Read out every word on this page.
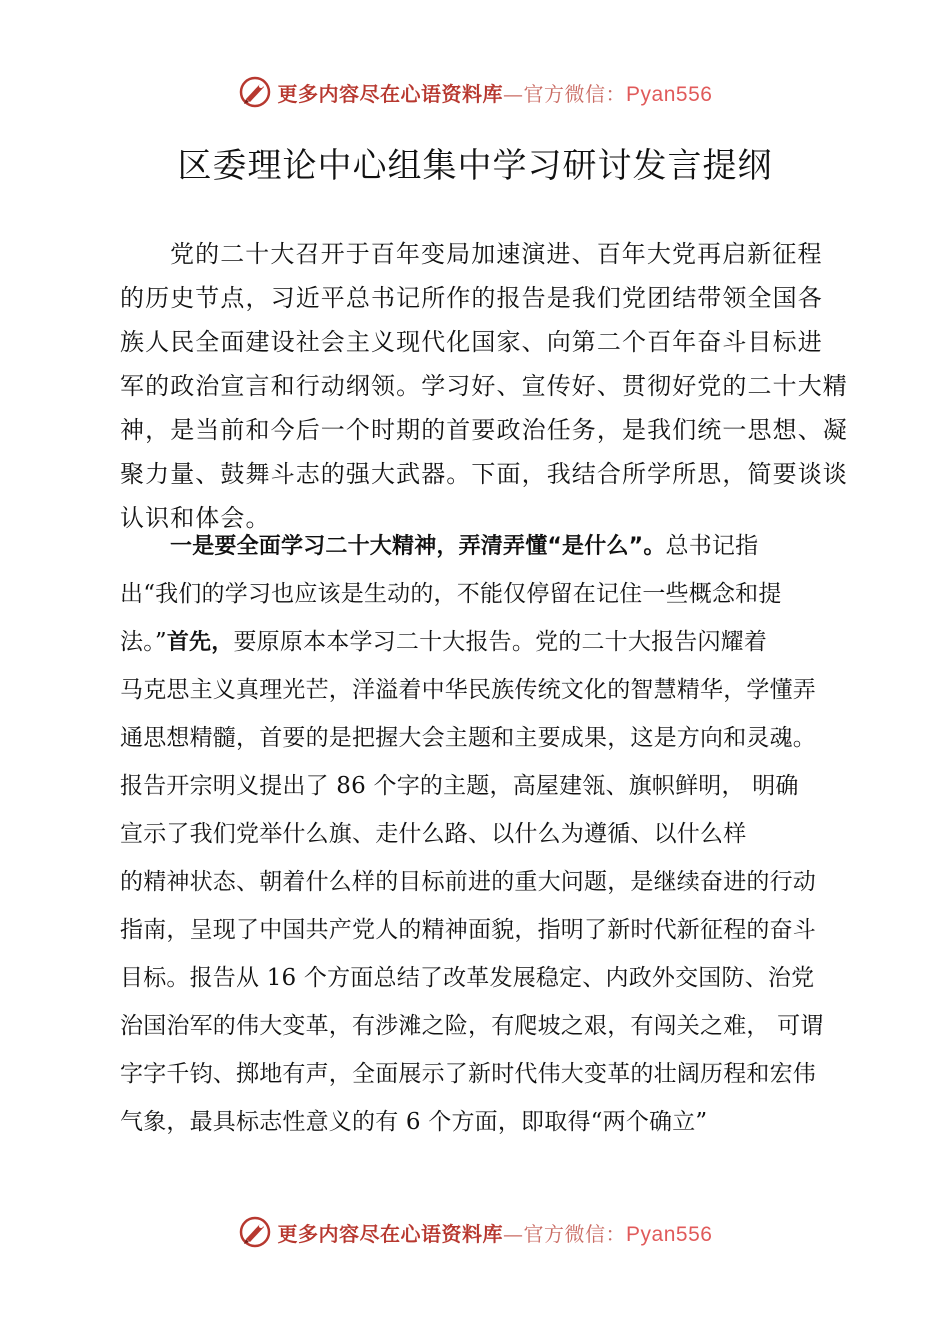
更多内容尽在心语资料库—官方微信：Pyan556
区委理论中心组集中学习研讨发言提纲
党的二十大召开于百年变局加速演进、百年大党再启新征程
的历史节点，习近平总书记所作的报告是我们党团结带领全国各
族人民全面建设社会主义现代化国家、向第二个百年奋斗目标进
军的政治宣言和行动纲领。学习好、宣传好、贯彻好党的二十大精
神，是当前和今后一个时期的首要政治任务，是我们统一思想、凝
聚力量、鼓舞斗志的强大武器。下面，我结合所学所思，简要谈谈
认识和体会。
一是要全面学习二十大精神，弄清弄懂“是什么”。总书记指
出“我们的学习也应该是生动的，不能仅停留在记住一些概念和提
法。”首先，要原原本本学习二十大报告。党的二十大报告闪耀着
马克思主义真理光芒，洋溢着中华民族传统文化的智慧精华，学懂弄
通思想精髓，首要的是把握大会主题和主要成果，这是方向和灵魂。
报告开宗明义提出了 86 个字的主题，高屋建瓴、旗帜鲜明， 明确
宣示了我们党举什么旗、走什么路、以什么为遵循、以什么样
的精神状态、朝着什么样的目标前进的重大问题，是继续奋进的行动
指南，呈现了中国共产党人的精神面貌，指明了新时代新征程的奋斗
目标。报告从 16 个方面总结了改革发展稳定、内政外交国防、治党
治国治军的伟大变革，有涉滩之险，有爬坡之艰，有闯关之难， 可谓
字字千钧、掷地有声，全面展示了新时代伟大变革的壮阔历程和宏伟
气象，最具标志性意义的有 6 个方面，即取得“两个确立”
更多内容尽在心语资料库—官方微信：Pyan556
